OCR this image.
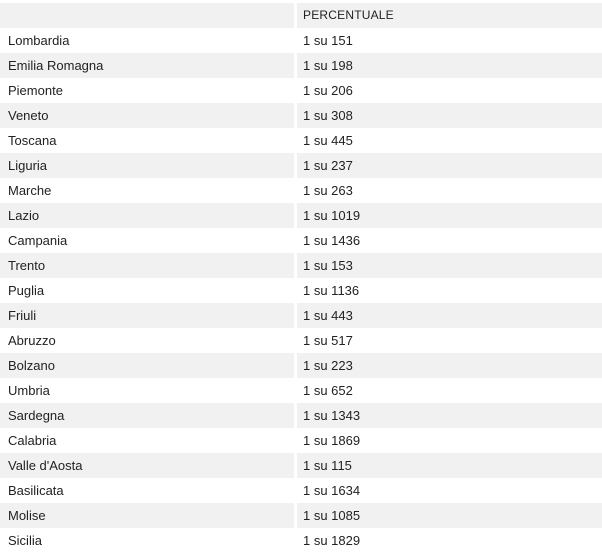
PERCENTUALE
Lombardia	1 su 151
Emilia Romagna	1 su 198
Piemonte	1 su 206
Veneto	1 su 308
Toscana	1 su 445
Liguria	1 su 237
Marche	1 su 263
Lazio	1 su 1019
Campania	1 su 1436
Trento	1 su 153
Puglia	1 su 1136
Friuli	1 su 443
Abruzzo	1 su 517
Bolzano	1 su 223
Umbria	1 su 652
Sardegna	1 su 1343
Calabria	1 su 1869
Valle d'Aosta	1 su 115
Basilicata	1 su 1634
Molise	1 su 1085
Sicilia	1 su 1829
